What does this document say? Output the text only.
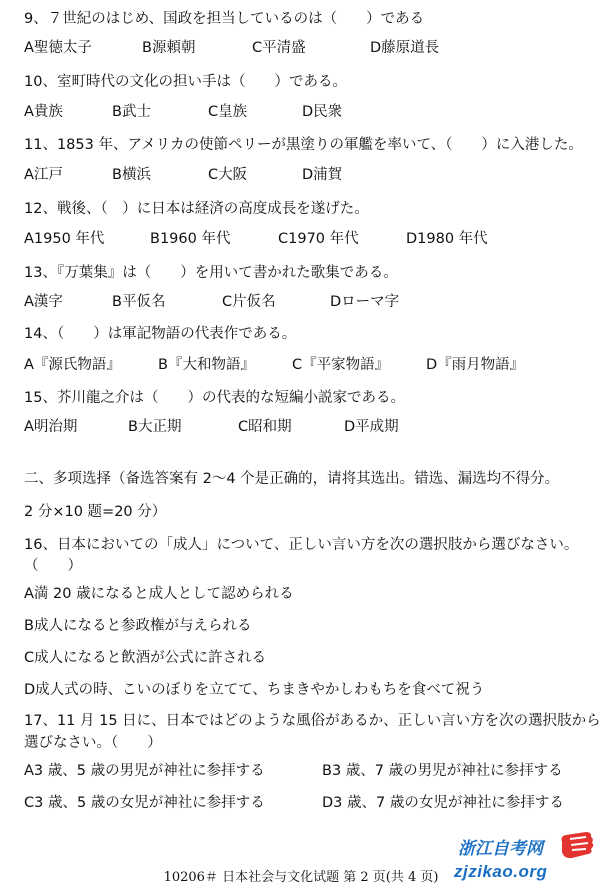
9、７世紀のはじめ、国政を担当しているのは（　　）である
A聖徳太子	B源頼朝	C平清盛	D藤原道長
10、室町時代の文化の担い手は（　　）である。
A貴族	B武士	C皇族	D民衆
11、1853 年、アメリカの使節ペリーが黒塗りの軍艦を率いて、（　　）に入港した。
A江戸	B横浜	C大阪	D浦賀
12、戦後、（　）に日本は経済の高度成長を遂げた。
A1950 年代	B1960 年代	C1970 年代	D1980 年代
13、『万葉集』は（　　）を用いて書かれた歌集である。
A漢字	B平仮名	C片仮名	Dローマ字
14、（　　）は軍記物語の代表作である。
A『源氏物語』	B『大和物語』	C『平家物語』	D『雨月物語』
15、芥川龍之介は（　　）の代表的な短編小説家である。
A明治期	B大正期	C昭和期	D平成期
二、多项选择（备选答案有 2～4 个是正确的，请将其选出。错选、漏选均不得分。
2 分×10 题=20 分）
16、日本においての「成人」について、正しい言い方を次の選択肢から選びなさい。
（　　）
A満 20 歳になると成人として認められる
B成人になると参政権が与えられる
C成人になると飲酒が公式に許される
D成人式の時、こいのぼりを立てて、ちまきやかしわもちを食べて祝う
17、11 月 15 日に、日本ではどのような風俗があるか、正しい言い方を次の選択肢から
選びなさい。（　　）
A3 歳、5 歳の男児が神社に参拝する	B3 歳、7 歳の男児が神社に参拝する
C3 歳、5 歳の女児が神社に参拝する	D3 歳、7 歳の女児が神社に参拝する
10206＃ 日本社会与文化试题 第 2 页(共 4 页)
浙江自考网
zjzikao.org
